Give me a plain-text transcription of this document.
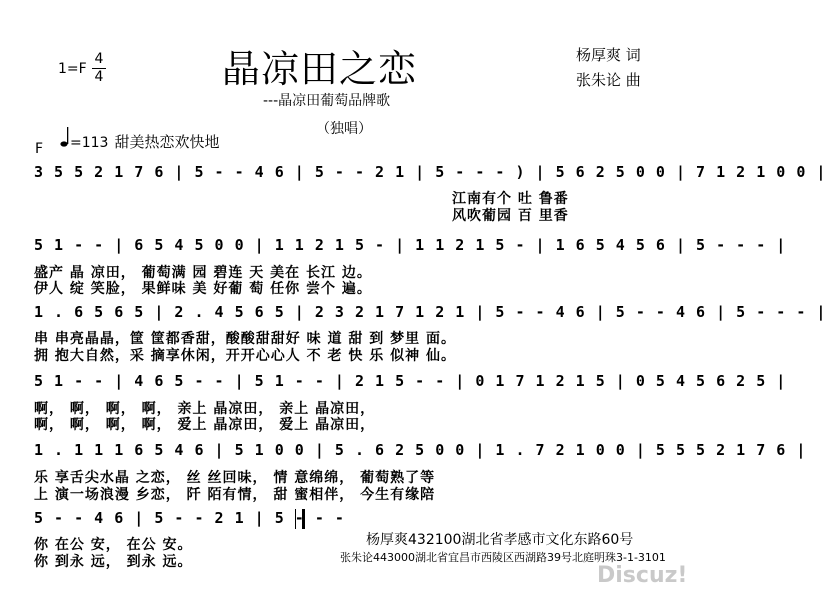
1=F
4
4	晶凉田之恋
---晶凉田葡萄品牌歌
（独唱）
杨厚爽 词
张朱论 曲
F =113 甜美热恋欢快地
3 5 5 2 1 7 6 | 5 - - 4 6 | 5 - - 2 1 | 5 - - - ) | 5 6 2 5 0 0 | 7 1 2 1 0 0 |
江南有个 吐 鲁番
风吹葡园 百 里香
5 1 - - | 6 5 4 5 0 0 | 1 1 2 1 5 - | 1 1 2 1 5 - | 1 6 5 4 5 6 | 5 - - - |
盛产 晶 凉田， 葡萄满 园 碧连 天 美在 长江 边。
伊人 绽 笑脸， 果鲜味 美 好葡 萄 任你 尝个 遍。
1 . 6 5 6 5 | 2 . 4 5 6 5 | 2 3 2 1 7 1 2 1 | 5 - - 4 6 | 5 - - 4 6 | 5 - - - |
串 串亮晶晶，筐 筐都香甜，酸酸甜甜好 味 道 甜 到 梦里 面。
拥 抱大自然，采 摘享休闲，开开心心人 不 老 快 乐 似神 仙。
5 1 - - | 4 6 5 - - | 5 1 - - | 2 1 5 - - | 0 1 7 1 2 1 5 | 0 5 4 5 6 2 5 |
啊， 啊， 啊， 啊， 亲上 晶凉田， 亲上 晶凉田，
啊， 啊， 啊， 啊， 爱上 晶凉田， 爱上 晶凉田，
1 . 1 1 1 6 5 4 6 | 5 1 0 0 | 5 . 6 2 5 0 0 | 1 . 7 2 1 0 0 | 5 5 5 2 1 7 6 |
乐 享舌尖水晶 之恋， 丝 丝回味， 情 意绵绵， 葡萄熟了等
上 演一场浪漫 乡恋， 阡 陌有情， 甜 蜜相伴， 今生有缘陪
5 - - 4 6 | 5 - - 2 1 | 5 - - -
你 在公 安， 在公 安。
你 到永 远， 到永 远。
杨厚爽432100湖北省孝感市文化东路60号
张朱论443000湖北省宜昌市西陵区西湖路39号北庭明珠3-1-3101
Discuz!
